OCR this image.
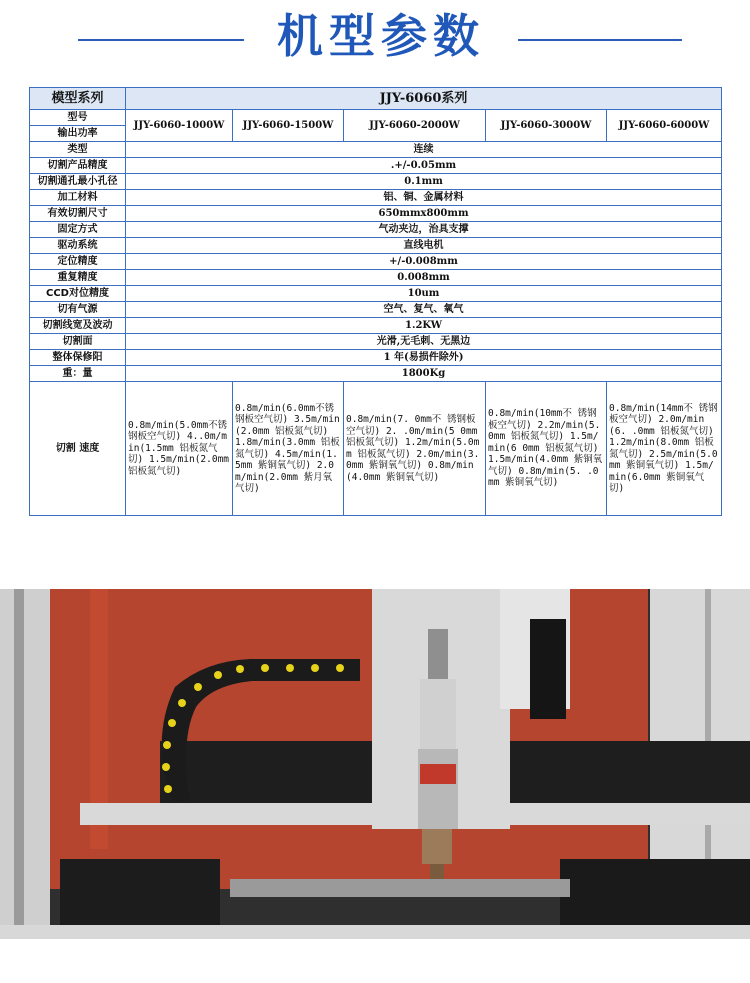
机型参数
模型系列	JJY-6060系列				
型号	JJY-6060-1000W	JJY-6060-1500W	JJY-6060-2000W	JJY-6060-3000W	JJY-6060-6000W
输出功率					
类型	连续				
切割产品精度	.+/-0.05mm				
切割通孔最小孔径	0.1mm				
加工材料	铝、铜、金属材料				
有效切割尺寸	650mmx800mm				
固定方式	气动夹边，治具支撑				
驱动系统	直线电机				
定位精度	+/-0.008mm				
重复精度	0.008mm				
CCD对位精度	10um				
切有气源	空气、复气、氧气				
切割线宽及波动	1.2KW				
切割面	光滑,无毛刺、无黑边				
整体保修阳	1 年(易损件除外)				
重：量	1800Kg				
切割 速度	0.8m/min(5.0mm不锈钢板空气切) 4..0m/min(1.5mm 铝板氮气切) 1.5m/min(2.0mm 铝板氮气切)	0.8m/min(6.0mm不锈钢板空气切) 3.5m/min(2.0mm 铝板氮气切) 1.8m/min(3.0mm 铝板氮气切) 4.5m/min(1.5mm 紫铜氧气切) 2.0m/min(2.0mm 紫月氧气切)	0.8m/min(7. 0mm不 锈钢板空气切) 2. .0m/min(5 0mm 铝板氮气切) 1.2m/min(5.0mm 铝板氮气切) 2.0m/min(3.0mm 紫铜氧气切) 0.8m/min(4.0mm 紫铜氧气切)	0.8m/min(10mm不 锈钢板空气切) 2.2m/min(5.0mm 铝板氮气切) 1.5m/min(6 0mm 铝板氮气切) 1.5m/min(4.0mm 紫铜氧气切) 0.8m/min(5. .0mm 紫铜氧气切)	0.8m/min(14mm不 锈钢板空气切) 2.0m/min(6. .0mm 铝板氮气切) 1.2m/min(8.0mm 铝板氮气切) 2.5m/min(5.0mm 紫铜氧气切) 1.5m/min(6.0mm 紫铜氧气切)
